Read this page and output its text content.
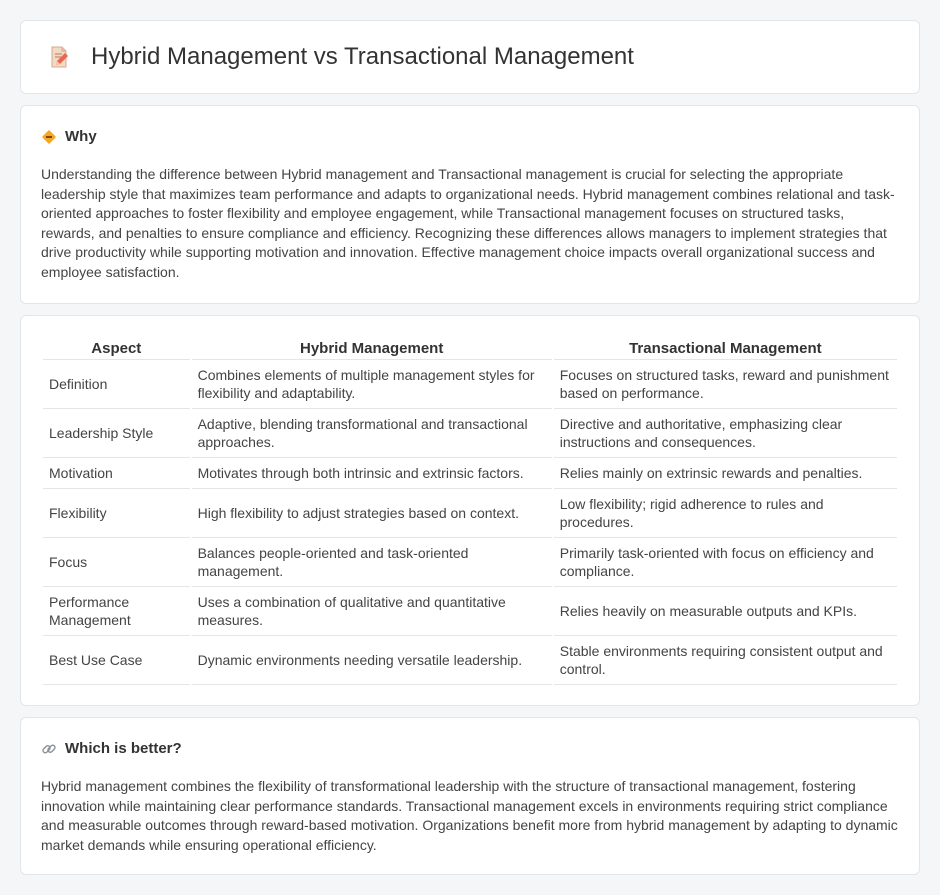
Hybrid Management vs Transactional Management
Why

Understanding the difference between Hybrid management and Transactional management is crucial for selecting the appropriate leadership style that maximizes team performance and adapts to organizational needs. Hybrid management combines relational and task-oriented approaches to foster flexibility and employee engagement, while Transactional management focuses on structured tasks, rewards, and penalties to ensure compliance and efficiency. Recognizing these differences allows managers to implement strategies that drive productivity while supporting motivation and innovation. Effective management choice impacts overall organizational success and employee satisfaction.

Aspect	Hybrid Management	Transactional Management
Definition	Combines elements of multiple management styles for flexibility and adaptability.	Focuses on structured tasks, reward and punishment based on performance.
Leadership Style	Adaptive, blending transformational and transactional approaches.	Directive and authoritative, emphasizing clear instructions and consequences.
Motivation	Motivates through both intrinsic and extrinsic factors.	Relies mainly on extrinsic rewards and penalties.
Flexibility	High flexibility to adjust strategies based on context.	Low flexibility; rigid adherence to rules and procedures.
Focus	Balances people-oriented and task-oriented management.	Primarily task-oriented with focus on efficiency and compliance.
Performance Management	Uses a combination of qualitative and quantitative measures.	Relies heavily on measurable outputs and KPIs.
Best Use Case	Dynamic environments needing versatile leadership.	Stable environments requiring consistent output and control.
Which is better?

Hybrid management combines the flexibility of transformational leadership with the structure of transactional management, fostering innovation while maintaining clear performance standards. Transactional management excels in environments requiring strict compliance and measurable outcomes through reward-based motivation. Organizations benefit more from hybrid management by adapting to dynamic market demands while ensuring operational efficiency.
